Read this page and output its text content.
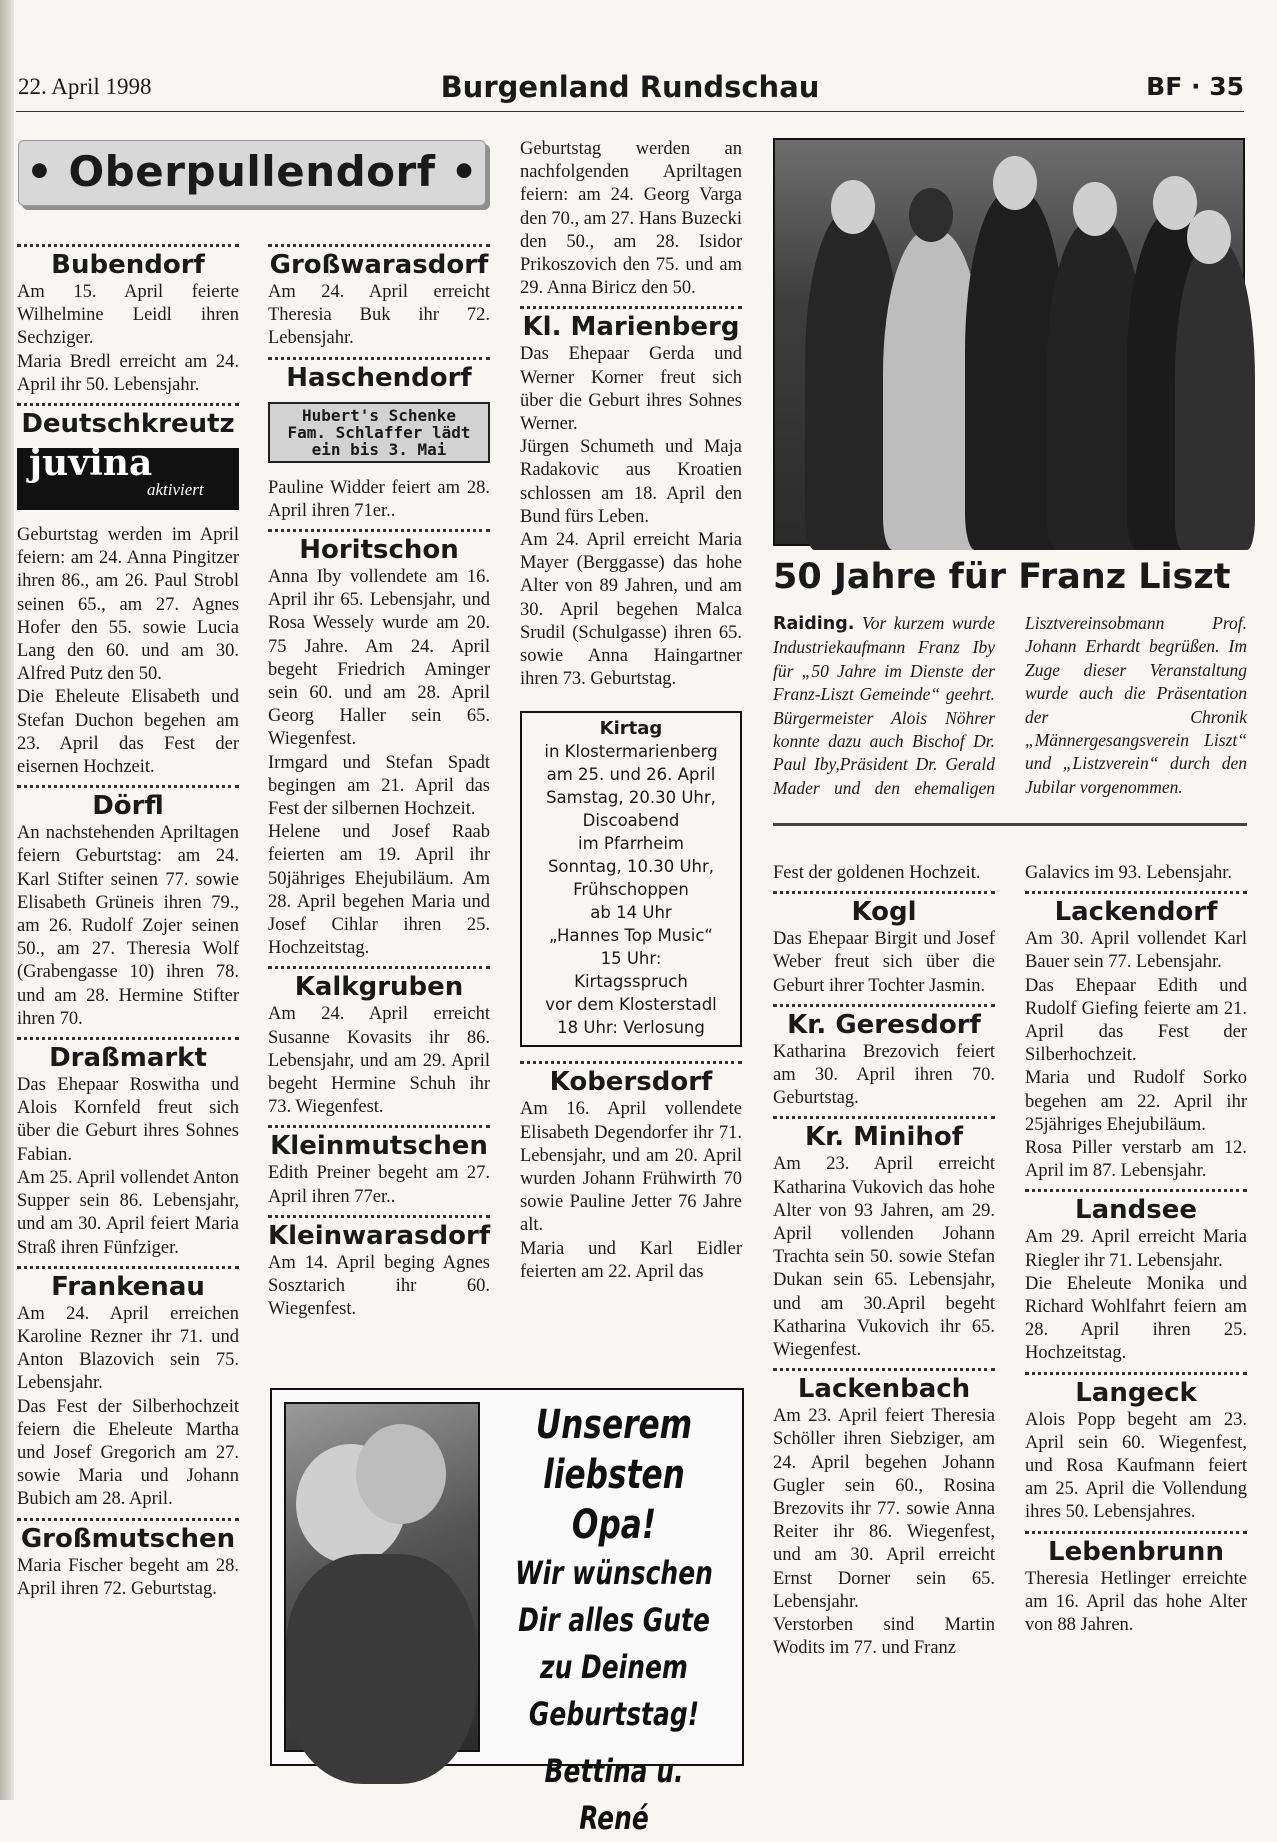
22. April 1998	Burgenland Rundschau	BF · 35
• Oberpullendorf •
Bubendorf

Am 15. April feierte Wilhelmine Leidl ihren Sechziger.

Maria Bredl erreicht am 24. April ihr 50. Lebensjahr.

Deutschkreutz
juvina
aktiviert

Geburtstag werden im April feiern: am 24. Anna Pingitzer ihren 86., am 26. Paul Strobl seinen 65., am 27. Agnes Hofer den 55. sowie Lucia Lang den 60. und am 30. Alfred Putz den 50.

Die Eheleute Elisabeth und Stefan Duchon begehen am 23. April das Fest der eisernen Hochzeit.

Dörfl

An nachstehenden Apriltagen feiern Geburtstag: am 24. Karl Stifter seinen 77. sowie Elisabeth Grüneis ihren 79., am 26. Rudolf Zojer seinen 50., am 27. Theresia Wolf (Grabengasse 10) ihren 78. und am 28. Hermine Stifter ihren 70.

Draßmarkt

Das Ehepaar Roswitha und Alois Kornfeld freut sich über die Geburt ihres Sohnes Fabian.

Am 25. April vollendet Anton Supper sein 86. Lebensjahr, und am 30. April feiert Maria Straß ihren Fünfziger.

Frankenau

Am 24. April erreichen Karoline Rezner ihr 71. und Anton Blazovich sein 75. Lebensjahr.

Das Fest der Silberhochzeit feiern die Eheleute Martha und Josef Gregorich am 27. sowie Maria und Johann Bubich am 28. April.

Großmutschen

Maria Fischer begeht am 28. April ihren 72. Geburtstag.

Großwarasdorf

Am 24. April erreicht Theresia Buk ihr 72. Lebensjahr.

Haschendorf
Hubert's Schenke
Fam. Schlaffer lädt
ein bis 3. Mai

Pauline Widder feiert am 28. April ihren 71er..

Horitschon

Anna Iby vollendete am 16. April ihr 65. Lebensjahr, und Rosa Wessely wurde am 20. 75 Jahre. Am 24. April begeht Friedrich Aminger sein 60. und am 28. April Georg Haller sein 65. Wiegenfest.

Irmgard und Stefan Spadt begingen am 21. April das Fest der silbernen Hochzeit.

Helene und Josef Raab feierten am 19. April ihr 50jähriges Ehejubiläum. Am 28. April begehen Maria und Josef Cihlar ihren 25. Hochzeitstag.

Kalkgruben

Am 24. April erreicht Susanne Kovasits ihr 86. Lebensjahr, und am 29. April begeht Hermine Schuh ihr 73. Wiegenfest.

Kleinmutschen

Edith Preiner begeht am 27. April ihren 77er..

Kleinwarasdorf

Am 14. April beging Agnes Sosztarich ihr 60. Wiegenfest.

Geburtstag werden an nachfolgenden Apriltagen feiern: am 24. Georg Varga den 70., am 27. Hans Buzecki den 50., am 28. Isidor Prikoszovich den 75. und am 29. Anna Biricz den 50.

Kl. Marienberg

Das Ehepaar Gerda und Werner Korner freut sich über die Geburt ihres Sohnes Werner.

Jürgen Schumeth und Maja Radakovic aus Kroatien schlossen am 18. April den Bund fürs Leben.

Am 24. April erreicht Maria Mayer (Berggasse) das hohe Alter von 89 Jahren, und am 30. April begehen Malca Srudil (Schulgasse) ihren 65. sowie Anna Haingartner ihren 73. Geburtstag.

Kirtag
in Klostermarienberg
am 25. und 26. April
Samstag, 20.30 Uhr,
Discoabend
im Pfarrheim
Sonntag, 10.30 Uhr,
Frühschoppen
ab 14 Uhr
„Hannes Top Music“
15 Uhr:
Kirtagsspruch
vor dem Klosterstadl
18 Uhr: Verlosung
Kobersdorf

Am 16. April vollendete Elisabeth Degendorfer ihr 71. Lebensjahr, und am 20. April wurden Johann Frühwirth 70 sowie Pauline Jetter 76 Jahre alt.

Maria und Karl Eidler feierten am 22. April das

50 Jahre für Franz Liszt
Raiding. Vor kurzem wurde Industriekaufmann Franz Iby für „50 Jahre im Dienste der Franz-Liszt Gemeinde“ geehrt. Bürgermeister Alois Nöhrer konnte dazu auch Bischof Dr. Paul Iby,Präsident Dr. Gerald Mader und den ehemaligen Lisztvereinsobmann Prof. Johann Erhardt begrüßen. Im Zuge dieser Veranstaltung wurde auch die Präsentation der Chronik „Männergesangsverein Liszt“ und „Listzverein“ durch den Jubilar vorgenommen.

Fest der goldenen Hochzeit.

Kogl

Das Ehepaar Birgit und Josef Weber freut sich über die Geburt ihrer Tochter Jasmin.

Kr. Geresdorf

Katharina Brezovich feiert am 30. April ihren 70. Geburtstag.

Kr. Minihof

Am 23. April erreicht Katharina Vukovich das hohe Alter von 93 Jahren, am 29. April vollenden Johann Trachta sein 50. sowie Stefan Dukan sein 65. Lebensjahr, und am 30.April begeht Katharina Vukovich ihr 65. Wiegenfest.

Lackenbach

Am 23. April feiert Theresia Schöller ihren Siebziger, am 24. April begehen Johann Gugler sein 60., Rosina Brezovits ihr 77. sowie Anna Reiter ihr 86. Wiegenfest, und am 30. April erreicht Ernst Dorner sein 65. Lebensjahr.

Verstorben sind Martin Wodits im 77. und Franz

Galavics im 93. Lebensjahr.

Lackendorf

Am 30. April vollendet Karl Bauer sein 77. Lebensjahr.

Das Ehepaar Edith und Rudolf Giefing feierte am 21. April das Fest der Silberhochzeit.

Maria und Rudolf Sorko begehen am 22. April ihr 25jähriges Ehejubiläum.

Rosa Piller verstarb am 12. April im 87. Lebensjahr.

Landsee

Am 29. April erreicht Maria Riegler ihr 71. Lebensjahr.

Die Eheleute Monika und Richard Wohlfahrt feiern am 28. April ihren 25. Hochzeitstag.

Langeck

Alois Popp begeht am 23. April sein 60. Wiegenfest, und Rosa Kaufmann feiert am 25. April die Vollendung ihres 50. Lebensjahres.

Lebenbrunn

Theresia Hetlinger erreichte am 16. April das hohe Alter von 88 Jahren.

Unserem
liebsten Opa!
Wir wünschen
Dir alles Gute
zu Deinem
Geburtstag!
Bettina u. René
